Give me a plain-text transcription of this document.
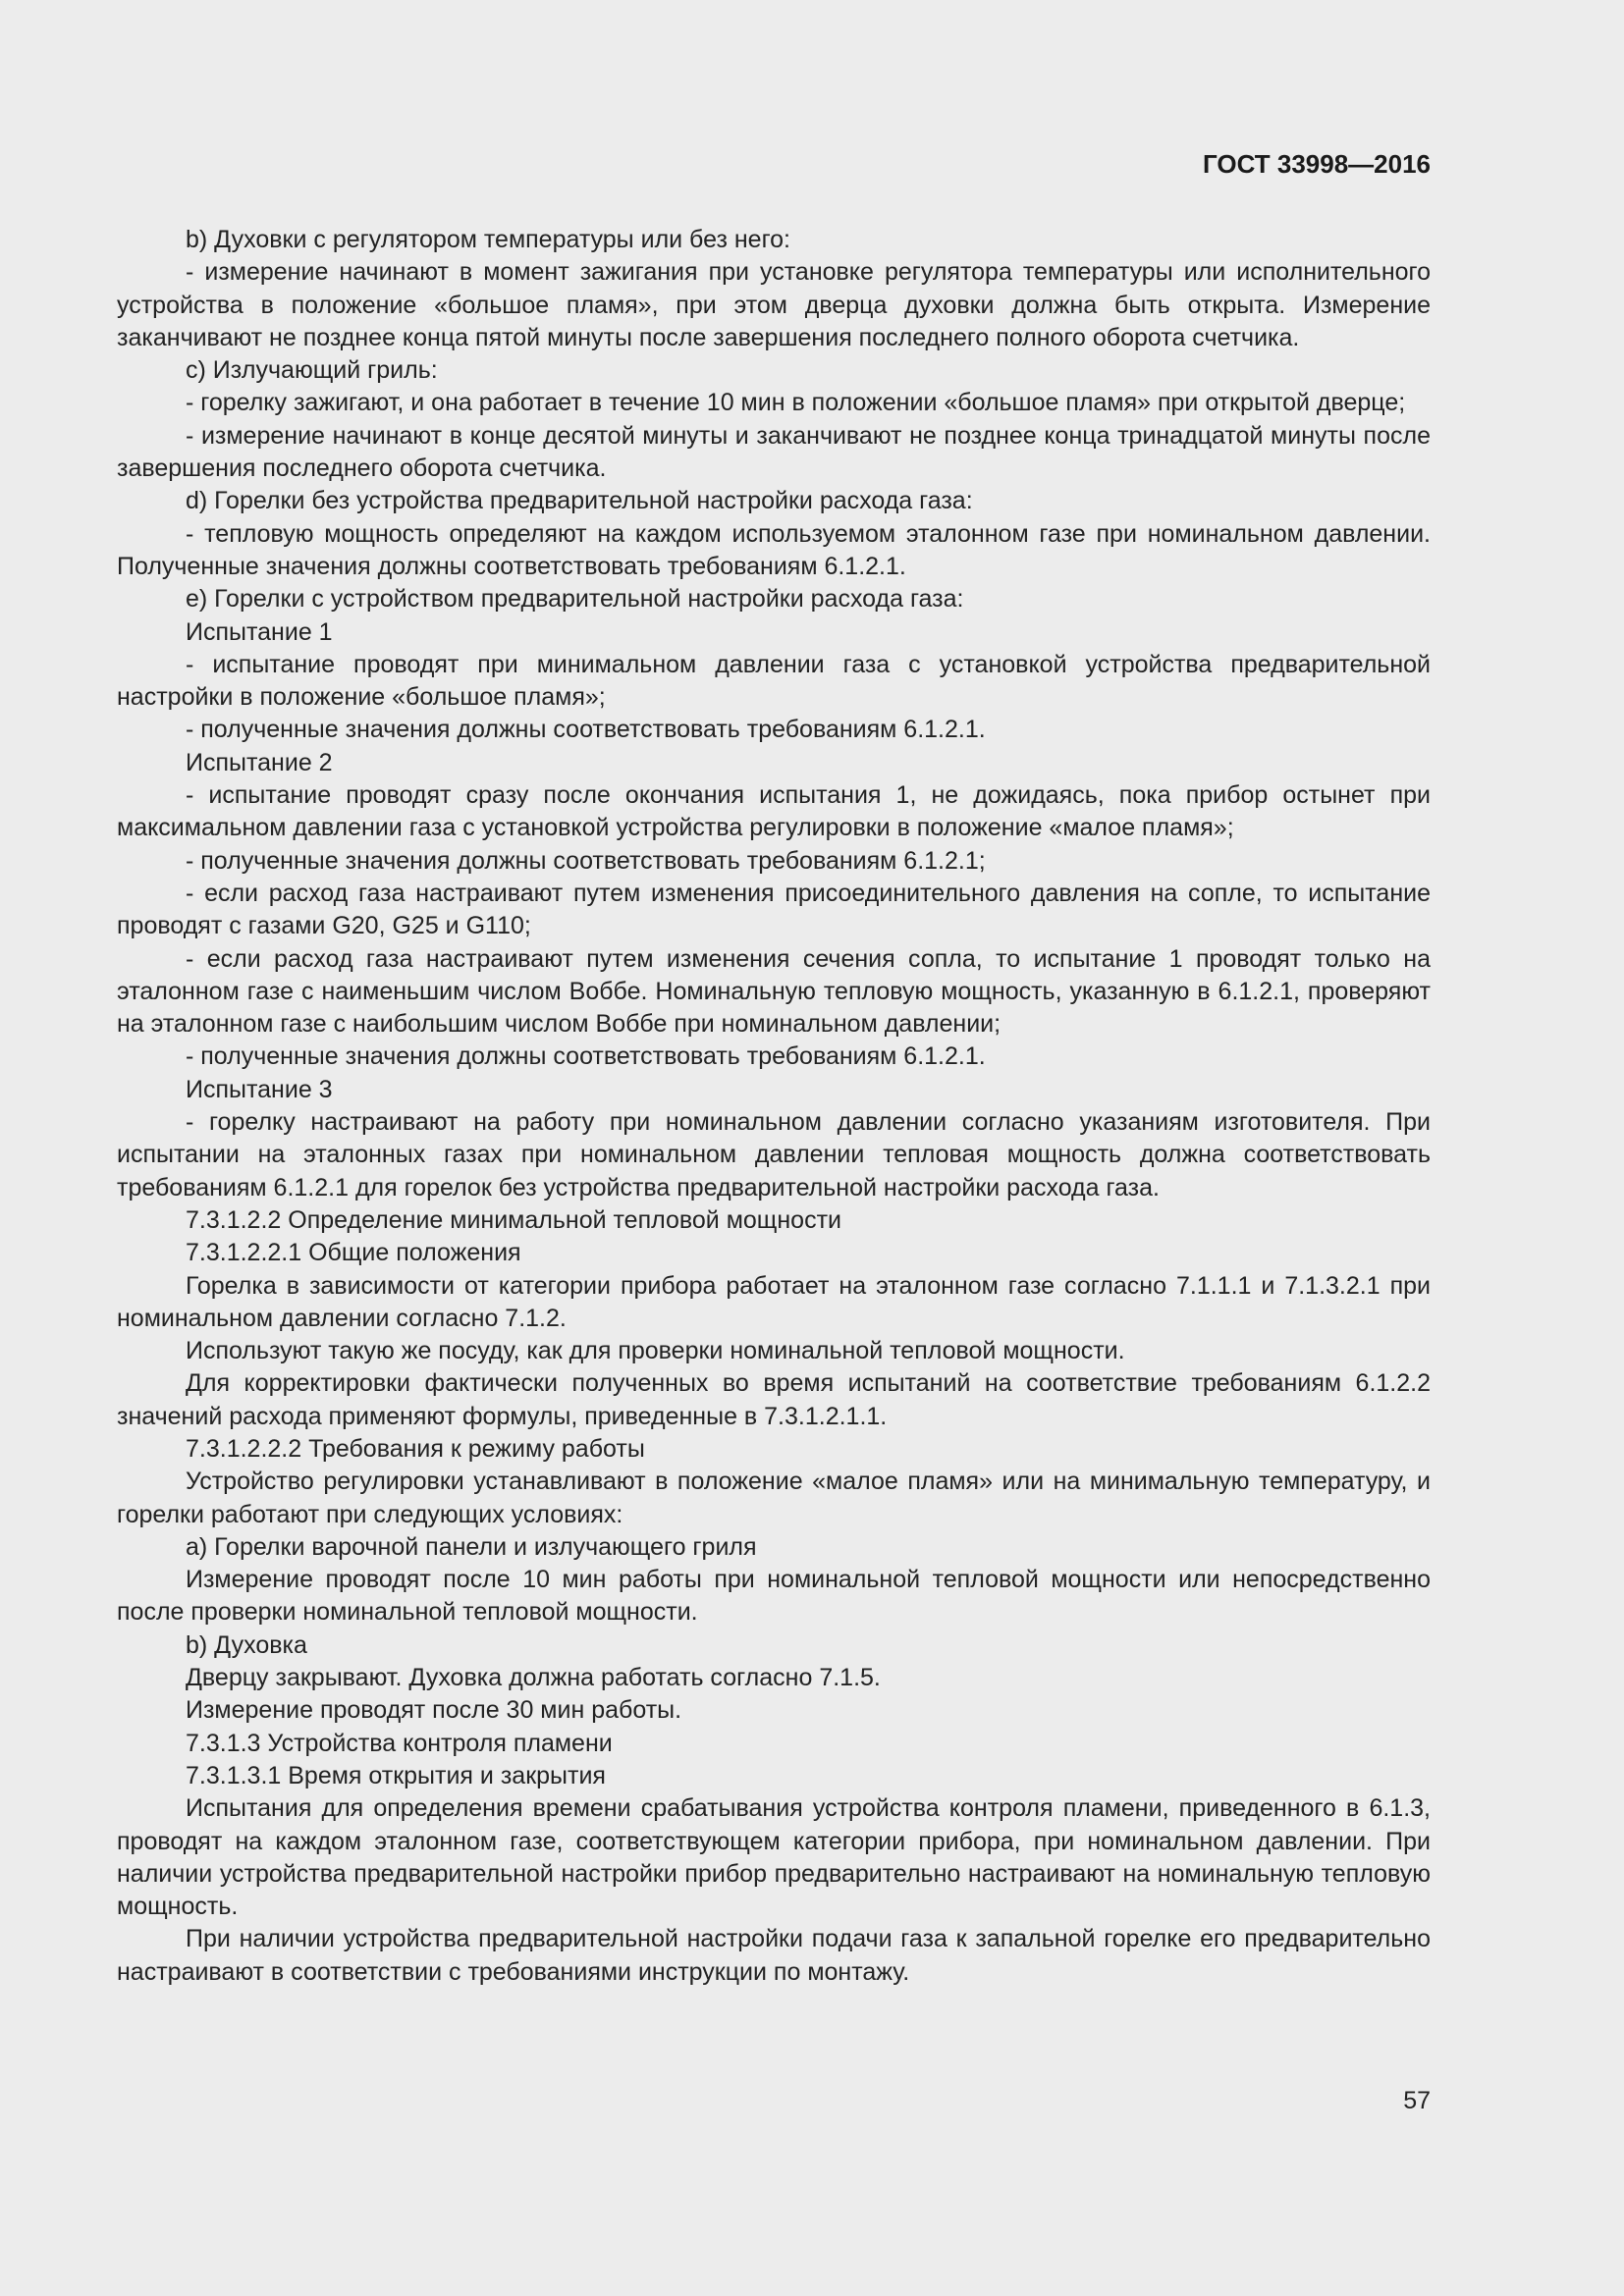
ГОСТ 33998—2016

b) Духовки с регулятором температуры или без него:

- измерение начинают в момент зажигания при установке регулятора температуры или исполнительного устройства в положение «большое пламя», при этом дверца духовки должна быть открыта. Измерение заканчивают не позднее конца пятой минуты после завершения последнего полного оборота счетчика.

c) Излучающий гриль:

- горелку зажигают, и она работает в течение 10 мин в положении «большое пламя» при открытой дверце;

- измерение начинают в конце десятой минуты и заканчивают не позднее конца тринадцатой минуты после завершения последнего оборота счетчика.

d) Горелки без устройства предварительной настройки расхода газа:

- тепловую мощность определяют на каждом используемом эталонном газе при номинальном давлении. Полученные значения должны соответствовать требованиям 6.1.2.1.

e) Горелки с устройством предварительной настройки расхода газа:

Испытание 1

- испытание проводят при минимальном давлении газа с установкой устройства предварительной настройки в положение «большое пламя»;

- полученные значения должны соответствовать требованиям 6.1.2.1.

Испытание 2

- испытание проводят сразу после окончания испытания 1, не дожидаясь, пока прибор остынет при максимальном давлении газа с установкой устройства регулировки в положение «малое пламя»;

- полученные значения должны соответствовать требованиям 6.1.2.1;

- если расход газа настраивают путем изменения присоединительного давления на сопле, то испытание проводят с газами G20, G25 и G110;

- если расход газа настраивают путем изменения сечения сопла, то испытание 1 проводят только на эталонном газе с наименьшим числом Воббе. Номинальную тепловую мощность, указанную в 6.1.2.1, проверяют на эталонном газе с наибольшим числом Воббе при номинальном давлении;

- полученные значения должны соответствовать требованиям 6.1.2.1.

Испытание 3

- горелку настраивают на работу при номинальном давлении согласно указаниям изготовителя. При испытании на эталонных газах при номинальном давлении тепловая мощность должна соответствовать требованиям 6.1.2.1 для горелок без устройства предварительной настройки расхода газа.

7.3.1.2.2 Определение минимальной тепловой мощности

7.3.1.2.2.1 Общие положения

Горелка в зависимости от категории прибора работает на эталонном газе согласно 7.1.1.1 и 7.1.3.2.1 при номинальном давлении согласно 7.1.2.

Используют такую же посуду, как для проверки номинальной тепловой мощности.

Для корректировки фактически полученных во время испытаний на соответствие требованиям 6.1.2.2 значений расхода применяют формулы, приведенные в 7.3.1.2.1.1.

7.3.1.2.2.2 Требования к режиму работы

Устройство регулировки устанавливают в положение «малое пламя» или на минимальную температуру, и горелки работают при следующих условиях:

a) Горелки варочной панели и излучающего гриля

Измерение проводят после 10 мин работы при номинальной тепловой мощности или непосредственно после проверки номинальной тепловой мощности.

b) Духовка

Дверцу закрывают. Духовка должна работать согласно 7.1.5.

Измерение проводят после 30 мин работы.

7.3.1.3 Устройства контроля пламени

7.3.1.3.1 Время открытия и закрытия

Испытания для определения времени срабатывания устройства контроля пламени, приведенного в 6.1.3, проводят на каждом эталонном газе, соответствующем категории прибора, при номинальном давлении. При наличии устройства предварительной настройки прибор предварительно настраивают на номинальную тепловую мощность.

При наличии устройства предварительной настройки подачи газа к запальной горелке его предварительно настраивают в соответствии с требованиями инструкции по монтажу.

57
